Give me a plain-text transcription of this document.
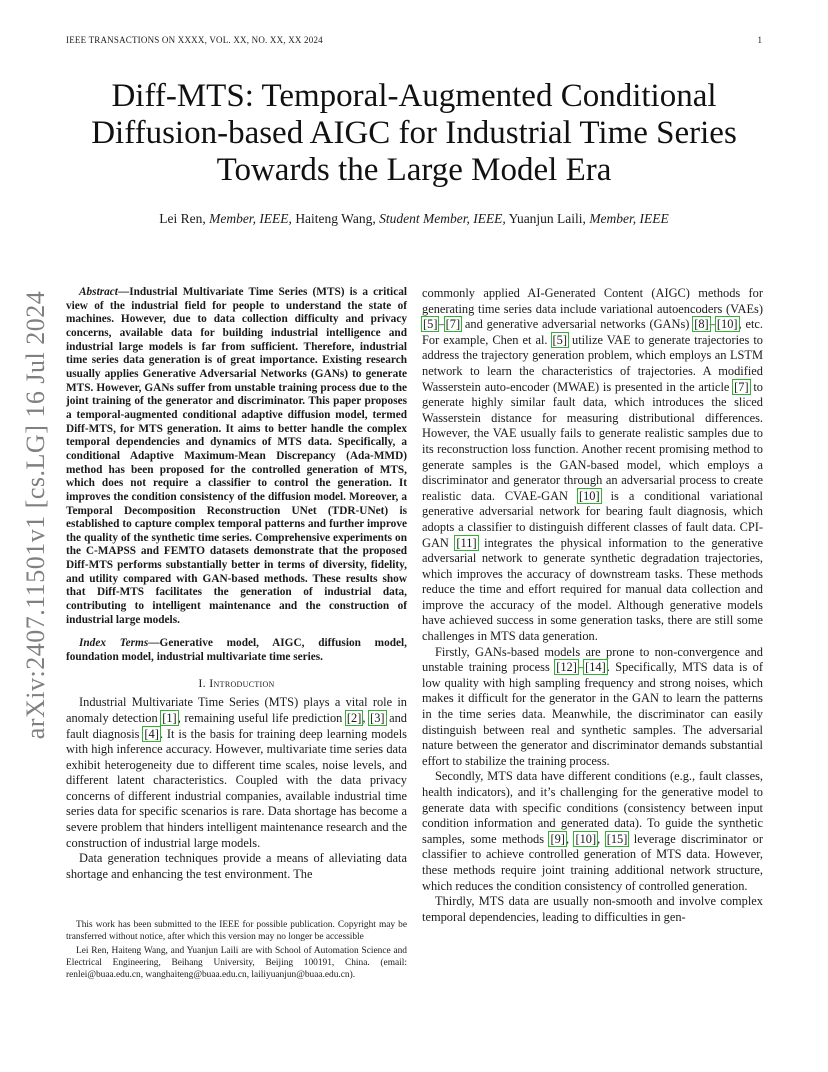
IEEE TRANSACTIONS ON XXXX, VOL. XX, NO. XX, XX 2024	1
arXiv:2407.11501v1 [cs.LG] 16 Jul 2024
Diff-MTS: Temporal-Augmented Conditional
Diffusion-based AIGC for Industrial Time Series
Towards the Large Model Era
Lei Ren, Member, IEEE, Haiteng Wang, Student Member, IEEE, Yuanjun Laili, Member, IEEE

Abstract—Industrial Multivariate Time Series (MTS) is a critical view of the industrial field for people to understand the state of machines. However, due to data collection difficulty and privacy concerns, available data for building industrial intelligence and industrial large models is far from sufficient. Therefore, industrial time series data generation is of great importance. Existing research usually applies Generative Adversarial Networks (GANs) to generate MTS. However, GANs suffer from unstable training process due to the joint training of the generator and discriminator. This paper proposes a temporal-augmented conditional adaptive diffusion model, termed Diff-MTS, for MTS generation. It aims to better handle the complex temporal dependencies and dynamics of MTS data. Specifically, a conditional Adaptive Maximum-Mean Discrepancy (Ada-MMD) method has been proposed for the controlled generation of MTS, which does not require a classifier to control the generation. It improves the condition consistency of the diffusion model. Moreover, a Temporal Decomposition Reconstruction UNet (TDR-UNet) is established to capture complex temporal patterns and further improve the quality of the synthetic time series. Comprehensive experiments on the C-MAPSS and FEMTO datasets demonstrate that the proposed Diff-MTS performs substantially better in terms of diversity, fidelity, and utility compared with GAN-based methods. These results show that Diff-MTS facilitates the generation of industrial data, contributing to intelligent maintenance and the construction of industrial large models.

Index Terms—Generative model, AIGC, diffusion model, foundation model, industrial multivariate time series.

I. Introduction

Industrial Multivariate Time Series (MTS) plays a vital role in anomaly detection [1], remaining useful life prediction [2], [3] and fault diagnosis [4]. It is the basis for training deep learning models with high inference accuracy. However, multivariate time series data exhibit heterogeneity due to different time scales, noise levels, and different latent characteristics. Coupled with the data privacy concerns of different industrial companies, available industrial time series data for specific scenarios is rare. Data shortage has become a severe problem that hinders intelligent maintenance research and the construction of industrial large models.

Data generation techniques provide a means of alleviating data shortage and enhancing the test environment. The

This work has been submitted to the IEEE for possible publication. Copyright may be transferred without notice, after which this version may no longer be accessible

Lei Ren, Haiteng Wang, and Yuanjun Laili are with School of Automation Science and Electrical Engineering, Beihang University, Beijing 100191, China. (email: renlei@buaa.edu.cn, wanghaiteng@buaa.edu.cn, lailiyuanjun@buaa.edu.cn).

commonly applied AI-Generated Content (AIGC) methods for generating time series data include variational autoencoders (VAEs) [5]–[7] and generative adversarial networks (GANs) [8]–[10], etc. For example, Chen et al. [5] utilize VAE to generate trajectories to address the trajectory generation problem, which employs an LSTM network to learn the characteristics of trajectories. A modified Wasserstein auto-encoder (MWAE) is presented in the article [7] to generate highly similar fault data, which introduces the sliced Wasserstein distance for measuring distributional differences. However, the VAE usually fails to generate realistic samples due to its reconstruction loss function. Another recent promising method to generate samples is the GAN-based model, which employs a discriminator and generator through an adversarial process to create realistic data. CVAE-GAN [10] is a conditional variational generative adversarial network for bearing fault diagnosis, which adopts a classifier to distinguish different classes of fault data. CPI-GAN [11] integrates the physical information to the generative adversarial network to generate synthetic degradation trajectories, which improves the accuracy of downstream tasks. These methods reduce the time and effort required for manual data collection and improve the accuracy of the model. Although generative models have achieved success in some generation tasks, there are still some challenges in MTS data generation.

Firstly, GANs-based models are prone to non-convergence and unstable training process [12]–[14]. Specifically, MTS data is of low quality with high sampling frequency and strong noises, which makes it difficult for the generator in the GAN to learn the patterns in the time series data. Meanwhile, the discriminator can easily distinguish between real and synthetic samples. The adversarial nature between the generator and discriminator demands substantial effort to stabilize the training process.

Secondly, MTS data have different conditions (e.g., fault classes, health indicators), and it’s challenging for the generative model to generate data with specific conditions (consistency between input condition information and generated data). To guide the synthetic samples, some methods [9], [10], [15] leverage discriminator or classifier to achieve controlled generation of MTS data. However, these methods require joint training additional network structure, which reduces the condition consistency of controlled generation.

Thirdly, MTS data are usually non-smooth and involve complex temporal dependencies, leading to difficulties in gen-
